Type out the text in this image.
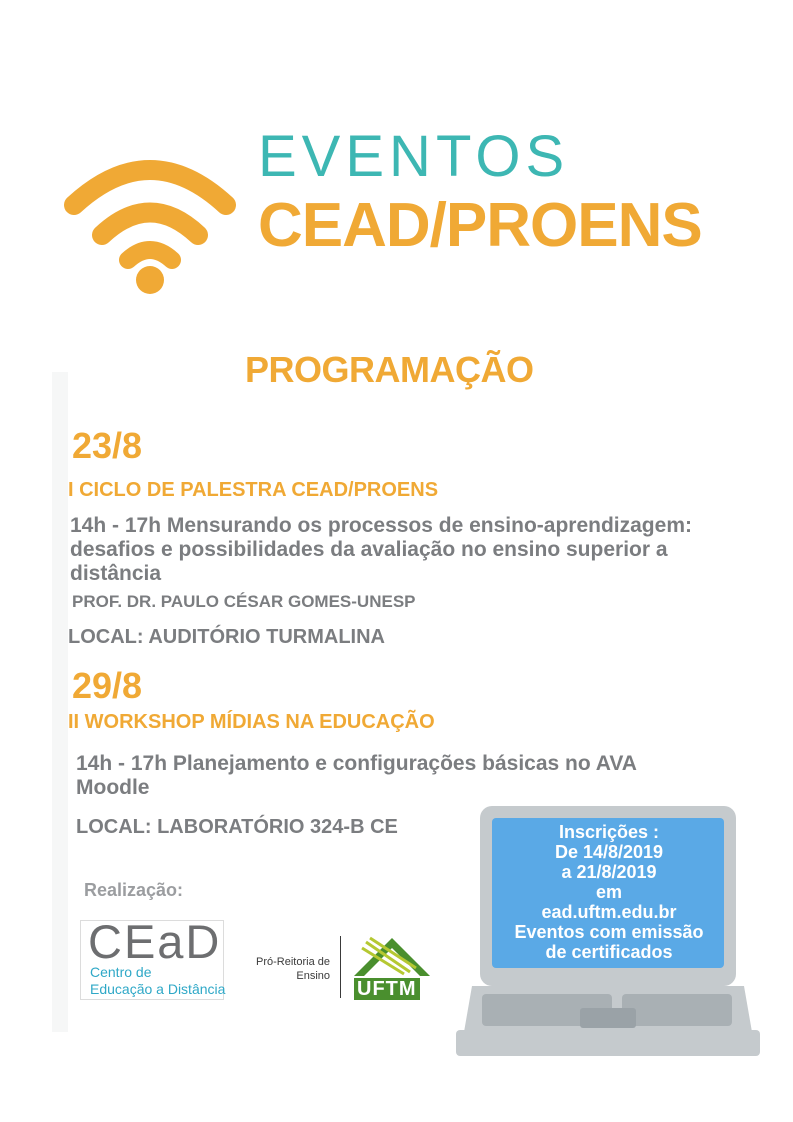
EVENTOS
CEAD/PROENS
PROGRAMAÇÃO
23/8
I CICLO DE PALESTRA CEAD/PROENS
14h - 17h Mensurando os processos de ensino-aprendizagem:
desafios e possibilidades da avaliação no ensino superior a
distância
PROF. DR. PAULO CÉSAR GOMES-UNESP
LOCAL: AUDITÓRIO TURMALINA
29/8
II WORKSHOP MÍDIAS NA EDUCAÇÃO
14h - 17h Planejamento e configurações básicas no AVA
Moodle
LOCAL: LABORATÓRIO 324-B CE
Realização:
CEaD
Centro de
Educação a Distância
Pró-Reitoria de
Ensino
UFTM
Inscrições :
De 14/8/2019
a 21/8/2019
em
ead.uftm.edu.br
Eventos com emissão
de certificados
